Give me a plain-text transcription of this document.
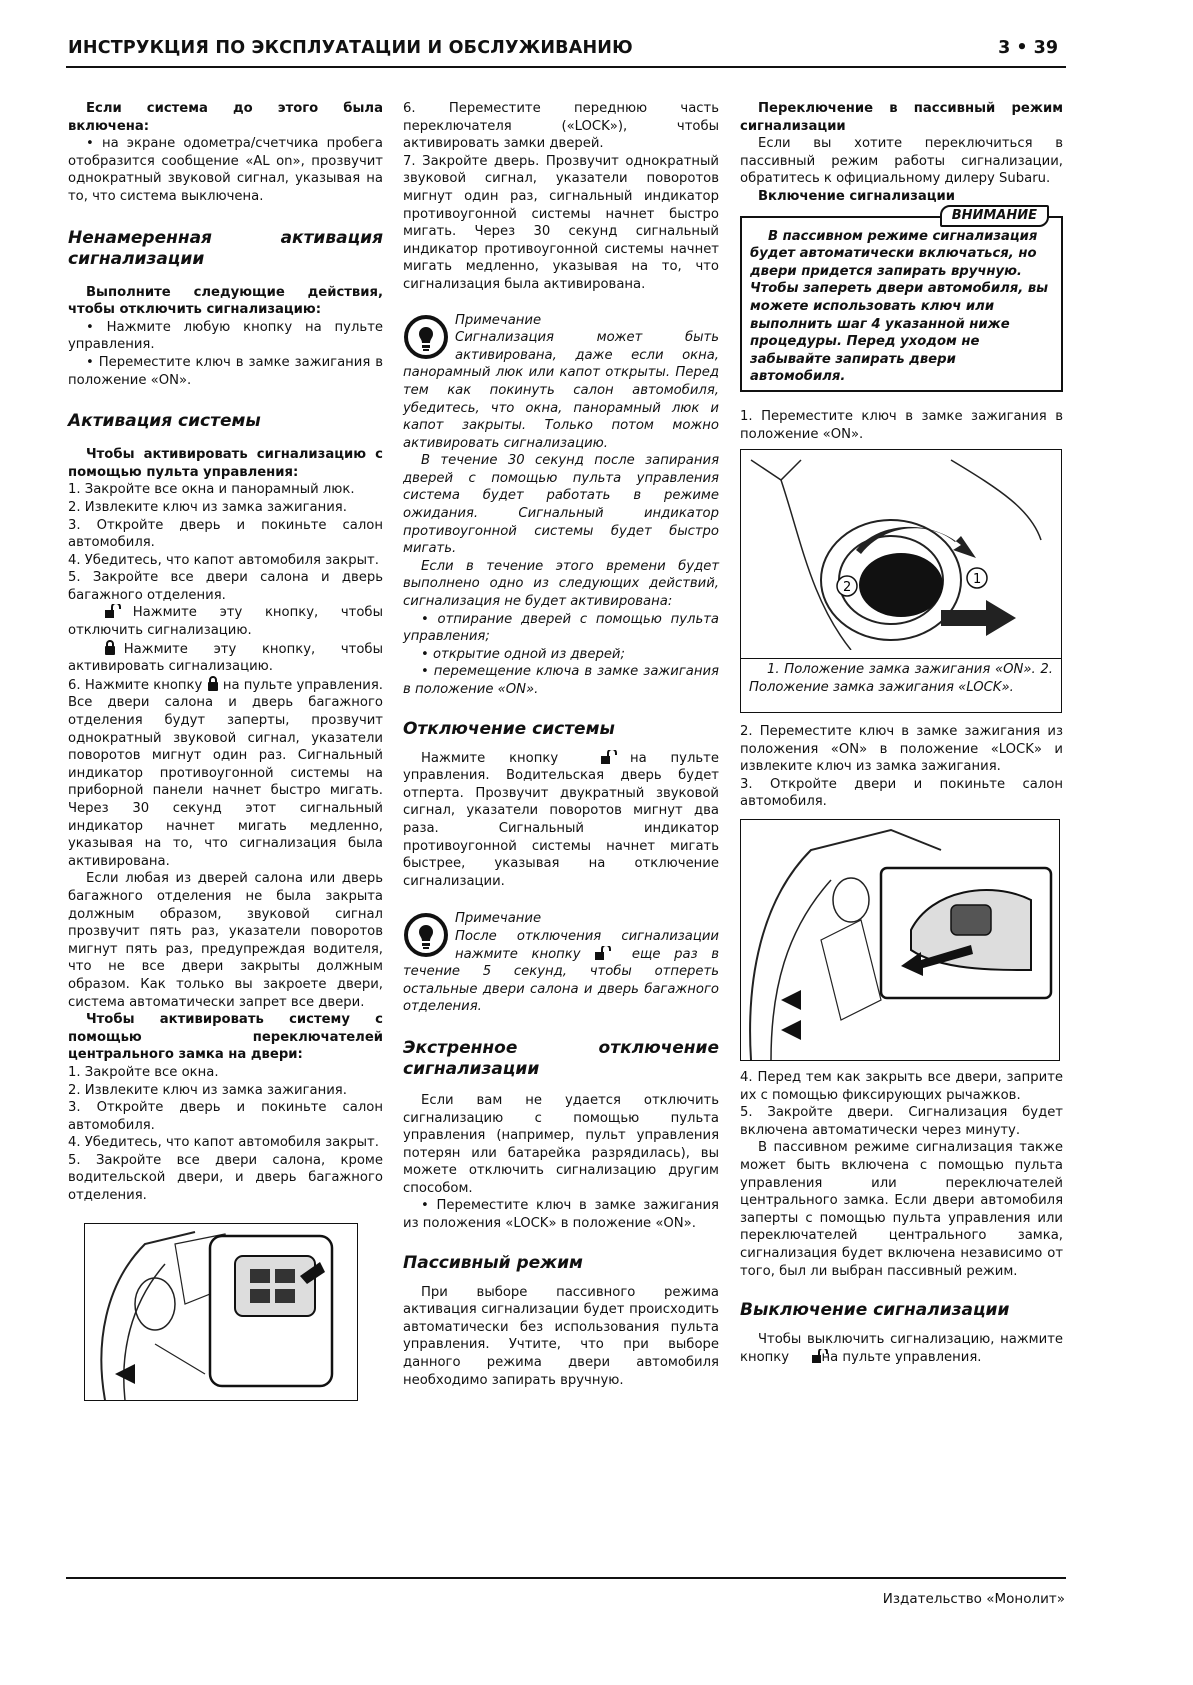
ИНСТРУКЦИЯ ПО ЭКСПЛУАТАЦИИ И ОБСЛУЖИВАНИЮ	3 • 39

Если система до этого была включена:

• на экране одометра/счетчика пробега отобразится сообщение «AL on», прозвучит однократный звуковой сигнал, указывая на то, что система выключена.

Ненамеренная активация сигнализации

Выполните следующие действия, чтобы отключить сигнализацию:

• Нажмите любую кнопку на пульте управления.

• Переместите ключ в замке зажигания в положение «ON».

Активация системы

Чтобы активировать сигнализацию с помощью пульта управления:

1. Закройте все окна и панорамный люк.

2. Извлеките ключ из замка зажигания.

3. Откройте дверь и покиньте салон автомобиля.

4. Убедитесь, что капот автомобиля закрыт.

5. Закройте все двери салона и дверь багажного отделения.

Нажмите эту кнопку, чтобы отключить сигнализацию.

Нажмите эту кнопку, чтобы активировать сигнализацию.

6. Нажмите кнопку на пульте управления. Все двери салона и дверь багажного отделения будут заперты, прозвучит однократный звуковой сигнал, указатели поворотов мигнут один раз. Сигнальный индикатор противоугонной системы на приборной панели начнет быстро мигать. Через 30 секунд этот сигнальный индикатор начнет мигать медленно, указывая на то, что сигнализация была активирована.

Если любая из дверей салона или дверь багажного отделения не была закрыта должным образом, звуковой сигнал прозвучит пять раз, указатели поворотов мигнут пять раз, предупреждая водителя, что не все двери закрыты должным образом. Как только вы закроете двери, система автоматически запрет все двери.

Чтобы активировать систему с помощью переключателей центрального замка на двери:

1. Закройте все окна.

2. Извлеките ключ из замка зажигания.

3. Откройте дверь и покиньте салон автомобиля.

4. Убедитесь, что капот автомобиля закрыт.

5. Закройте все двери салона, кроме водительской двери, и дверь багажного отделения.

6. Переместите переднюю часть переключателя («LOCK»), чтобы активировать замки дверей.

7. Закройте дверь. Прозвучит однократный звуковой сигнал, указатели поворотов мигнут один раз, сигнальный индикатор противоугонной системы начнет быстро мигать. Через 30 секунд сигнальный индикатор противоугонной системы начнет мигать медленно, указывая на то, что сигнализация была активирована.

Примечание

Сигнализация может быть активирована, даже если окна, панорамный люк или капот открыты. Перед тем как покинуть салон автомобиля, убедитесь, что окна, панорамный люк и капот закрыты. Только потом можно активировать сигнализацию.

В течение 30 секунд после запирания дверей с помощью пульта управления система будет работать в режиме ожидания. Сигнальный индикатор противоугонной системы будет быстро мигать.

Если в течение этого времени будет выполнено одно из следующих действий, сигнализация не будет активирована:

• отпирание дверей с помощью пульта управления;

• открытие одной из дверей;

• перемещение ключа в замке зажигания в положение «ON».

Отключение системы

Нажмите кнопку	на пульте управления. Водительская дверь будет отперта. Прозвучит двукратный звуковой сигнал, указатели поворотов мигнут два раза. Сигнальный индикатор противоугонной системы начнет мигать быстрее, указывая на отключение сигнализации.

Примечание

После отключения сигнализации нажмите кнопку	еще раз в течение 5 секунд, чтобы отпереть остальные двери салона и дверь багажного отделения.

Экстренное отключение сигнализации

Если вам не удается отключить сигнализацию с помощью пульта управления (например, пульт управления потерян или батарейка разрядилась), вы можете отключить сигнализацию другим способом.

• Переместите ключ в замке зажигания из положения «LOCK» в положение «ON».

Пассивный режим

При выборе пассивного режима активация сигнализации будет происходить автоматически без использования пульта управления. Учтите, что при выборе данного режима двери автомобиля необходимо запирать вручную.

Переключение в пассивный режим сигнализации

Если вы хотите переключиться в пассивный режим работы сигнализации, обратитесь к официальному дилеру Subaru.

Включение сигнализации

ВНИМАНИЕ

В пассивном режиме сигнализация будет автоматически включаться, но двери придется запирать вручную. Чтобы запереть двери автомобиля, вы можете использовать ключ или выполнить шаг 4 указанной ниже процедуры. Перед уходом не забывайте запирать двери автомобиля.

1. Переместите ключ в замке зажигания в положение «ON».

1
2

1. Положение замка зажигания «ON». 2. Положение замка зажигания «LOCK».

2. Переместите ключ в замке зажигания из положения «ON» в положение «LOCK» и извлеките ключ из замка зажигания.

3. Откройте двери и покиньте салон автомобиля.

4. Перед тем как закрыть все двери, заприте их с помощью фиксирующих рычажков.

5. Закройте двери. Сигнализация будет включена автоматически через минуту.

В пассивном режиме сигнализация также может быть включена с помощью пульта управления или переключателей центрального замка. Если двери автомобиля заперты с помощью пульта управления или переключателей центрального замка, сигнализация будет включена независимо от того, был ли выбран пассивный режим.

Выключение сигнализации

Чтобы выключить сигнализацию, нажмите кнопку на пульте управления.

Издательство «Монолит»
